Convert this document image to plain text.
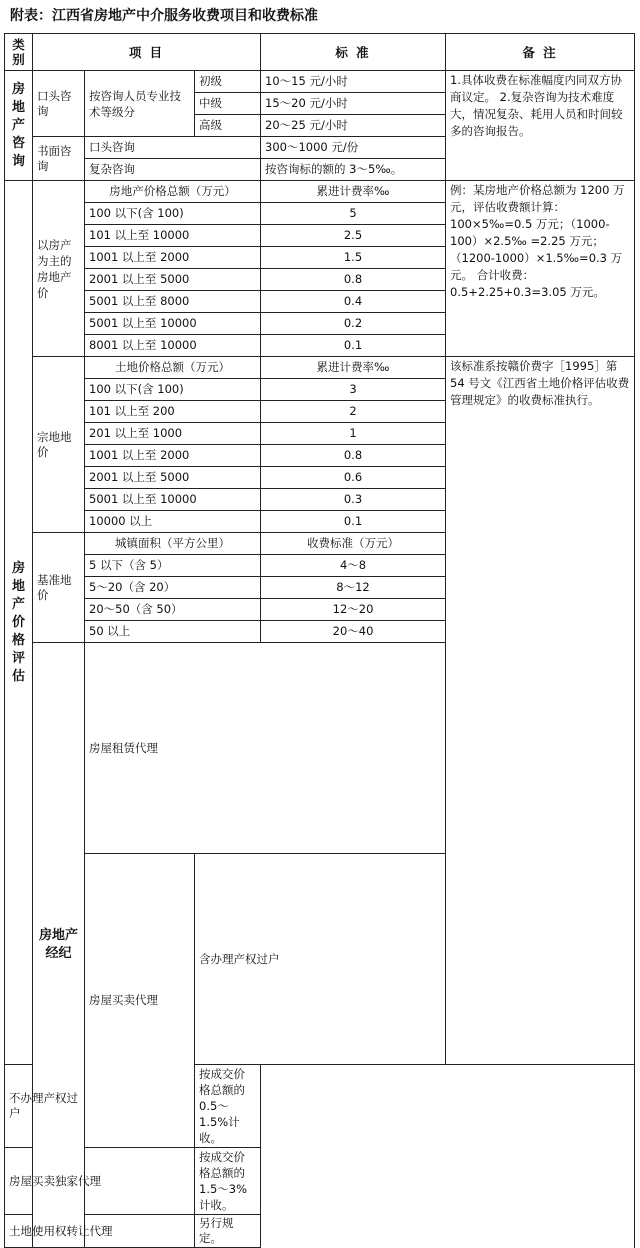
附表：江西省房地产中介服务收费项目和收费标准
类别	项 目			标 准	备 注	
房地产咨询	口头咨询	按咨询人员专业技术等级分	初级	10～15 元/小时	1.具体收费在标准幅度内同双方协商议定。 2.复杂咨询为技术难度大，情况复杂、耗用人员和时间较多的咨询报告。	
			中级	15～20 元/小时		
			高级	20～25 元/小时		
	书面咨询	口头咨询		300～1000 元/份		
		复杂咨询		按咨询标的额的 3～5‰。		
房地产价格评估	以房产为主的房地产价	房地产价格总额（万元）		累进计费率‰	例：某房地产价格总额为 1200 万元，评估收费额计算：100×5‰=0.5 万元；（1000-100）×2.5‰ =2.25 万元；（1200-1000）×1.5‰=0.3 万元。 合计收费： 0.5+2.25+0.3=3.05 万元。	
		100 以下(含 100)		5		
		101 以上至 10000		2.5		
		1001 以上至 2000		1.5		
		2001 以上至 5000		0.8		
		5001 以上至 8000		0.4		
		5001 以上至 10000		0.2		
		8001 以上至 10000		0.1		
	宗地地价	土地价格总额（万元）		累进计费率‰	该标准系按赣价费字［1995］第 54 号文《江西省土地价格评估收费管理规定》的收费标准执行。	
		100 以下(含 100)		3		
		101 以上至 200		2		
		201 以上至 1000		1		
		1001 以上至 2000		0.8		
		2001 以上至 5000		0.6		
		5001 以上至 10000		0.3		
		10000 以上		0.1		
	基准地价	城镇面积（平方公里）		收费标准（万元）		
		5 以下（含 5）		4～8		
		5～20（含 20）		8～12		
		20～50（含 50）		12～20		
		50 以上		20～40		
	房地产经纪	房屋租赁代理		
		房屋买卖代理	含办理产权过户	
不办理产权过户			按成交价格总额的 0.5～1.5%计收。			
房屋买卖独家代理			按成交价格总额的 1.5～3%计收。			
土地使用权转让代理			另行规定。			
